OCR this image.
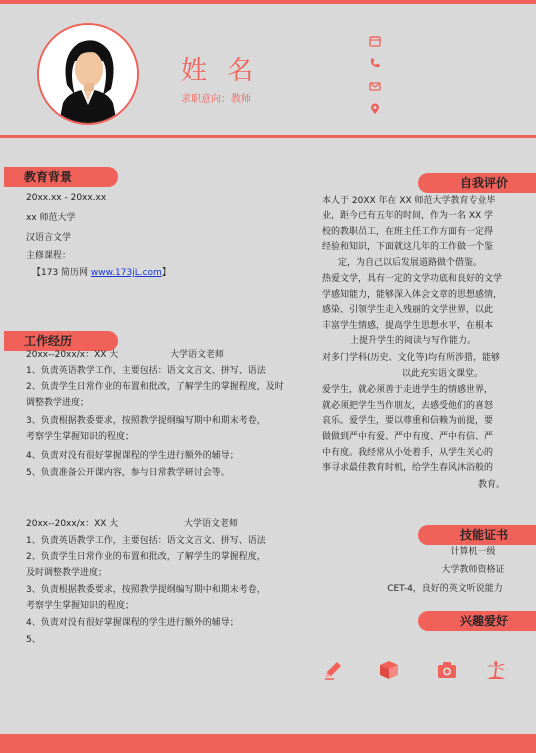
姓 名
求职意向：教师
教育背景
20xx.xx - 20xx.xx
xx 师范大学
汉语言文学
主修课程：
【173 简历网 www.173jL.com】
工作经历
20xx--20xx/x：XX 大	大学语文老师
1、负责英语教学工作，主要包括：语文文言文、拼写、语法
2、负责学生日常作业的布置和批改，了解学生的掌握程度，及时
调整教学进度；
3、负责根据教委要求，按照教学提纲编写期中和期末考卷，
考察学生掌握知识的程度；
4、负责对没有很好掌握课程的学生进行额外的辅导；
5、负责准备公开课内容，参与日常教学研讨会等。
20xx--20xx/x：XX 大	大学语文老师
1、负责英语教学工作，主要包括：语文文言文、拼写、语法
2、负责学生日常作业的布置和批改，了解学生的掌握程度，
及时调整教学进度；
3、负责根据教委要求，按照教学提纲编写期中和期末考卷，
考察学生掌握知识的程度；
4、负责对没有很好掌握课程的学生进行额外的辅导；
5、
自我评价
本人于 20XX 年在 XX 师范大学教育专业毕
业，距今已有五年的时间，作为一名 XX 学
校的教职员工，在班主任工作方面有一定得
经验和知识，下面就这几年的工作做一个鉴
定，为自己以后发展道路做个借鉴。
热爱文学，具有一定的文学功底和良好的文学
学感知能力，能够深入体会文章的思想感情，
感染、引领学生走入残丽的文学世界，以此
丰富学生情感，提高学生思想水平，在根本
上提升学生的阅读与写作能力。
对多门学科(历史、文化等)均有所涉猎，能够
以此充实语文课堂。
爱学生，就必须善于走进学生的情感世界，
就必须把学生当作朋友，去感受他们的喜怒
哀乐。爱学生，要以尊重和信赖为前提，要
做做到严中有爱、严中有度、严中有信、严
中有度。我经常从小处着手，从学生关心的
事寻求最佳教育时机，给学生春风沐浴般的
教育。
技能证书
计算机一级
大学教师资格证
CET-4，良好的英文听说能力
兴趣爱好
